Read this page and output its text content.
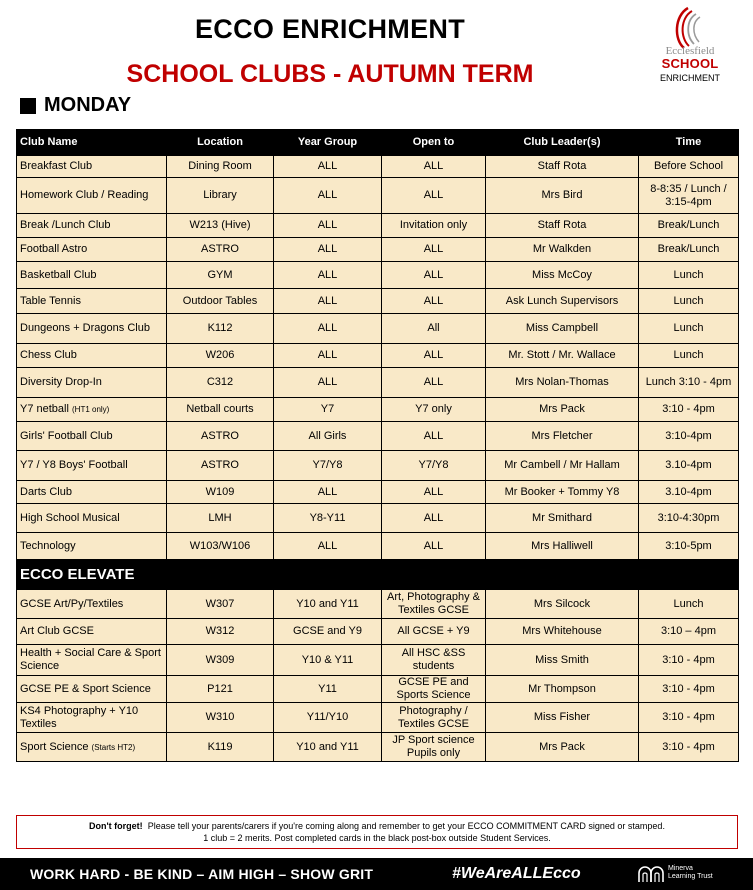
ECCO ENRICHMENT
SCHOOL CLUBS - AUTUMN TERM
MONDAY
Ecclesfield
SCHOOL
ENRICHMENT
Club Name	Location	Year Group	Open to	Club Leader(s)	Time
Breakfast Club	Dining Room	ALL	ALL	Staff Rota	Before School
Homework Club / Reading	Library	ALL	ALL	Mrs Bird	8-8:35 / Lunch / 3:15-4pm
Break /Lunch Club	W213 (Hive)	ALL	Invitation only	Staff Rota	Break/Lunch
Football Astro	ASTRO	ALL	ALL	Mr Walkden	Break/Lunch
Basketball Club	GYM	ALL	ALL	Miss McCoy	Lunch
Table Tennis	Outdoor Tables	ALL	ALL	Ask Lunch Supervisors	Lunch
Dungeons + Dragons Club	K112	ALL	All	Miss Campbell	Lunch
Chess Club	W206	ALL	ALL	Mr. Stott / Mr. Wallace	Lunch
Diversity Drop-In	C312	ALL	ALL	Mrs Nolan-Thomas	Lunch 3:10 - 4pm
Y7 netball (HT1 only)	Netball courts	Y7	Y7 only	Mrs Pack	3:10 - 4pm
Girls' Football Club	ASTRO	All Girls	ALL	Mrs Fletcher	3:10-4pm
Y7 / Y8 Boys' Football	ASTRO	Y7/Y8	Y7/Y8	Mr Cambell / Mr Hallam	3.10-4pm
Darts Club	W109	ALL	ALL	Mr Booker + Tommy Y8	3.10-4pm
High School Musical	LMH	Y8-Y11	ALL	Mr Smithard	3:10-4:30pm
Technology	W103/W106	ALL	ALL	Mrs Halliwell	3:10-5pm
ECCO ELEVATE					
GCSE Art/Py/Textiles	W307	Y10 and Y11	Art, Photography & Textiles GCSE	Mrs Silcock	Lunch
Art Club GCSE	W312	GCSE and Y9	All GCSE + Y9	Mrs Whitehouse	3:10 – 4pm
Health + Social Care & Sport Science	W309	Y10 & Y11	All HSC &SS students	Miss Smith	3:10 - 4pm
GCSE PE & Sport Science	P121	Y11	GCSE PE and Sports Science	Mr Thompson	3:10 - 4pm
KS4 Photography + Y10 Textiles	W310	Y11/Y10	Photography / Textiles GCSE	Miss Fisher	3:10 - 4pm
Sport Science (Starts HT2)	K119	Y10 and Y11	JP Sport science Pupils only	Mrs Pack	3:10 - 4pm
Don't forget! Please tell your parents/carers if you're coming along and remember to get your ECCO COMMITMENT CARD signed or stamped.
1 club = 2 merits. Post completed cards in the black post-box outside Student Services.
WORK HARD - BE KIND – AIM HIGH – SHOW GRIT	#WeAreALLEcco	Minerva
Learning Trust
